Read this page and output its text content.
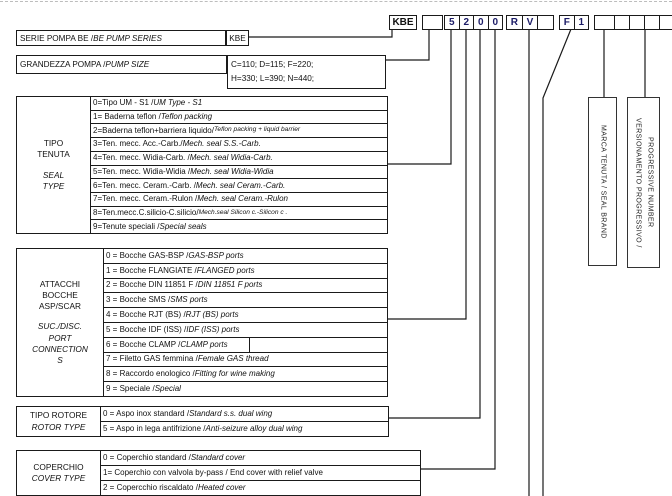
KBE	5 2 0 0	R V	F 1
SERIE POMPA BE / BE PUMP SERIES	KBE
GRANDEZZA POMPA / PUMP SIZE	C=110; D=115; F=220;
H=330; L=390; N=440;
TIPO
TENUTA
SEAL
TYPE
0=Tipo UM - S1 / UM Type - S1
1= Baderna teflon / Teflon packing
2=Baderna teflon+barriera liquido/ Teflon packing + liquid barrier
3=Ten. mecc. Acc.-Carb./ Mech. seal S.S.-Carb.
4=Ten. mecc. Widia-Carb. / Mech. seal Widia-Carb.
5=Ten. mecc. Widia-Widia / Mech. seal Widia-Widia
6=Ten. mecc. Ceram.-Carb. / Mech. seal Ceram.-Carb.
7=Ten. mecc. Ceram.-Rulon / Mech. seal Ceram.-Rulon
8=Ten.mecc.C.silicio-C.silicio/ Mech.seal Silicon c.-Silicon c .
9=Tenute speciali / Special seals
ATTACCHI
BOCCHE
ASP/SCAR
SUC./DISC.
PORT
CONNECTION
S
0 = Bocche GAS-BSP / GAS-BSP ports
1 = Bocche FLANGIATE / FLANGED ports
2 = Bocche DIN 11851 F / DIN 11851 F ports
3 = Bocche SMS / SMS ports
4 = Bocche RJT (BS) / RJT (BS) ports
5 = Bocche IDF (ISS) / IDF (ISS) ports
6 = Bocche CLAMP / CLAMP ports
7 = Filetto GAS femmina / Female GAS thread
8 = Raccordo enologico / Fitting for wine making
9 = Speciale / Special
TIPO ROTORE
ROTOR TYPE
0 = Aspo inox standard / Standard s.s. dual wing
5 = Aspo in lega antifrizione / Anti-seizure alloy dual wing
COPERCHIO
COVER TYPE
0 = Coperchio standard / Standard cover
1= Coperchio con valvola by-pass / End cover with relief valve
2 = Copercchio riscaldato / Heated cover
MARCA TENUTA / SEAL BRAND	VERSIONAMENTO PROGRESSIVO / PROGRESSIVE NUMBER
